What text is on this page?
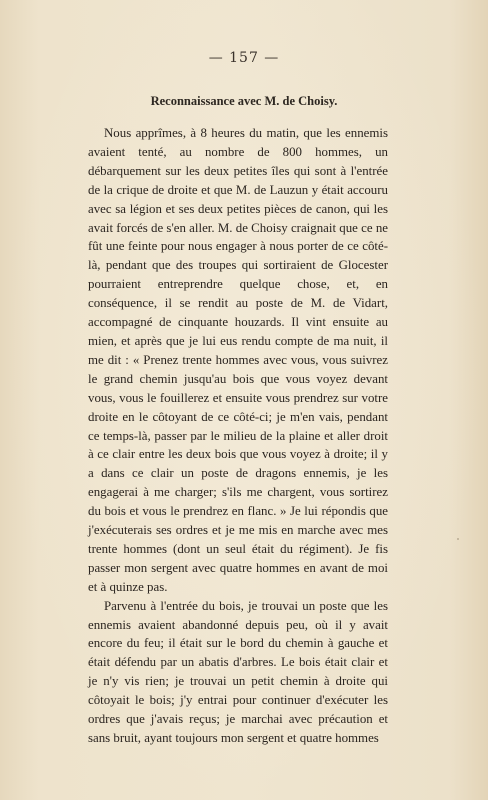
— 157 —
Reconnaissance avec M. de Choisy.

Nous apprîmes, à 8 heures du matin, que les ennemis avaient tenté, au nombre de 800 hommes, un débarquement sur les deux petites îles qui sont à l'entrée de la crique de droite et que M. de Lauzun y était accouru avec sa légion et ses deux petites pièces de canon, qui les avait forcés de s'en aller. M. de Choisy craignait que ce ne fût une feinte pour nous engager à nous porter de ce côté-là, pendant que des troupes qui sortiraient de Glocester pourraient entreprendre quelque chose, et, en conséquence, il se rendit au poste de M. de Vidart, accompagné de cinquante houzards. Il vint ensuite au mien, et après que je lui eus rendu compte de ma nuit, il me dit : « Prenez trente hommes avec vous, vous suivrez le grand chemin jusqu'au bois que vous voyez devant vous, vous le fouillerez et ensuite vous prendrez sur votre droite en le côtoyant de ce côté-ci; je m'en vais, pendant ce temps-là, passer par le milieu de la plaine et aller droit à ce clair entre les deux bois que vous voyez à droite; il y a dans ce clair un poste de dragons ennemis, je les engagerai à me charger; s'ils me chargent, vous sortirez du bois et vous le prendrez en flanc. » Je lui répondis que j'exécuterais ses ordres et je me mis en marche avec mes trente hommes (dont un seul était du régiment). Je fis passer mon sergent avec quatre hommes en avant de moi et à quinze pas.

Parvenu à l'entrée du bois, je trouvai un poste que les ennemis avaient abandonné depuis peu, où il y avait encore du feu; il était sur le bord du chemin à gauche et était défendu par un abatis d'arbres. Le bois était clair et je n'y vis rien; je trouvai un petit chemin à droite qui côtoyait le bois; j'y entrai pour continuer d'exécuter les ordres que j'avais reçus; je marchai avec précaution et sans bruit, ayant toujours mon sergent et quatre hommes
